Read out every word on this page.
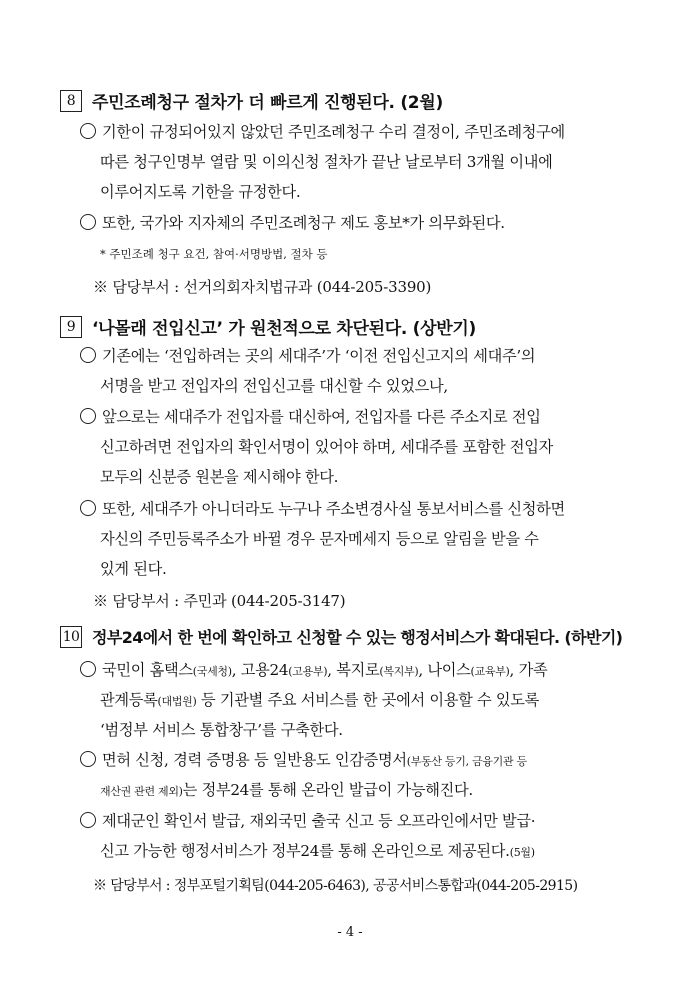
8 주민조례청구 절차가 더 빠르게 진행된다. (2월)
기한이 규정되어있지 않았던 주민조례청구 수리 결정이, 주민조례청구에
따른 청구인명부 열람 및 이의신청 절차가 끝난 날로부터 3개월 이내에
이루어지도록 기한을 규정한다.
또한, 국가와 지자체의 주민조례청구 제도 홍보*가 의무화된다.
* 주민조례 청구 요건, 참여·서명방법, 절차 등
※ 담당부서 : 선거의회자치법규과 (044-205-3390)
9 ‘나몰래 전입신고’ 가 원천적으로 차단된다. (상반기)
기존에는 ‘전입하려는 곳의 세대주’가 ‘이전 전입신고지의 세대주’의
서명을 받고 전입자의 전입신고를 대신할 수 있었으나,
앞으로는 세대주가 전입자를 대신하여, 전입자를 다른 주소지로 전입
신고하려면 전입자의 확인서명이 있어야 하며, 세대주를 포함한 전입자
모두의 신분증 원본을 제시해야 한다.
또한, 세대주가 아니더라도 누구나 주소변경사실 통보서비스를 신청하면
자신의 주민등록주소가 바뀔 경우 문자메세지 등으로 알림을 받을 수
있게 된다.
※ 담당부서 : 주민과 (044-205-3147)
10 정부24에서 한 번에 확인하고 신청할 수 있는 행정서비스가 확대된다. (하반기)
국민이 홈택스(국세청), 고용24(고용부), 복지로(복지부), 나이스(교육부), 가족
관계등록(대법원) 등 기관별 주요 서비스를 한 곳에서 이용할 수 있도록
‘범정부 서비스 통합창구’를 구축한다.
면허 신청, 경력 증명용 등 일반용도 인감증명서(부동산 등기, 금융기관 등
재산권 관련 제외)는 정부24를 통해 온라인 발급이 가능해진다.
제대군인 확인서 발급, 재외국민 출국 신고 등 오프라인에서만 발급·
신고 가능한 행정서비스가 정부24를 통해 온라인으로 제공된다.(5월)
※ 담당부서 : 정부포털기획팀(044-205-6463), 공공서비스통합과(044-205-2915)
- 4 -
